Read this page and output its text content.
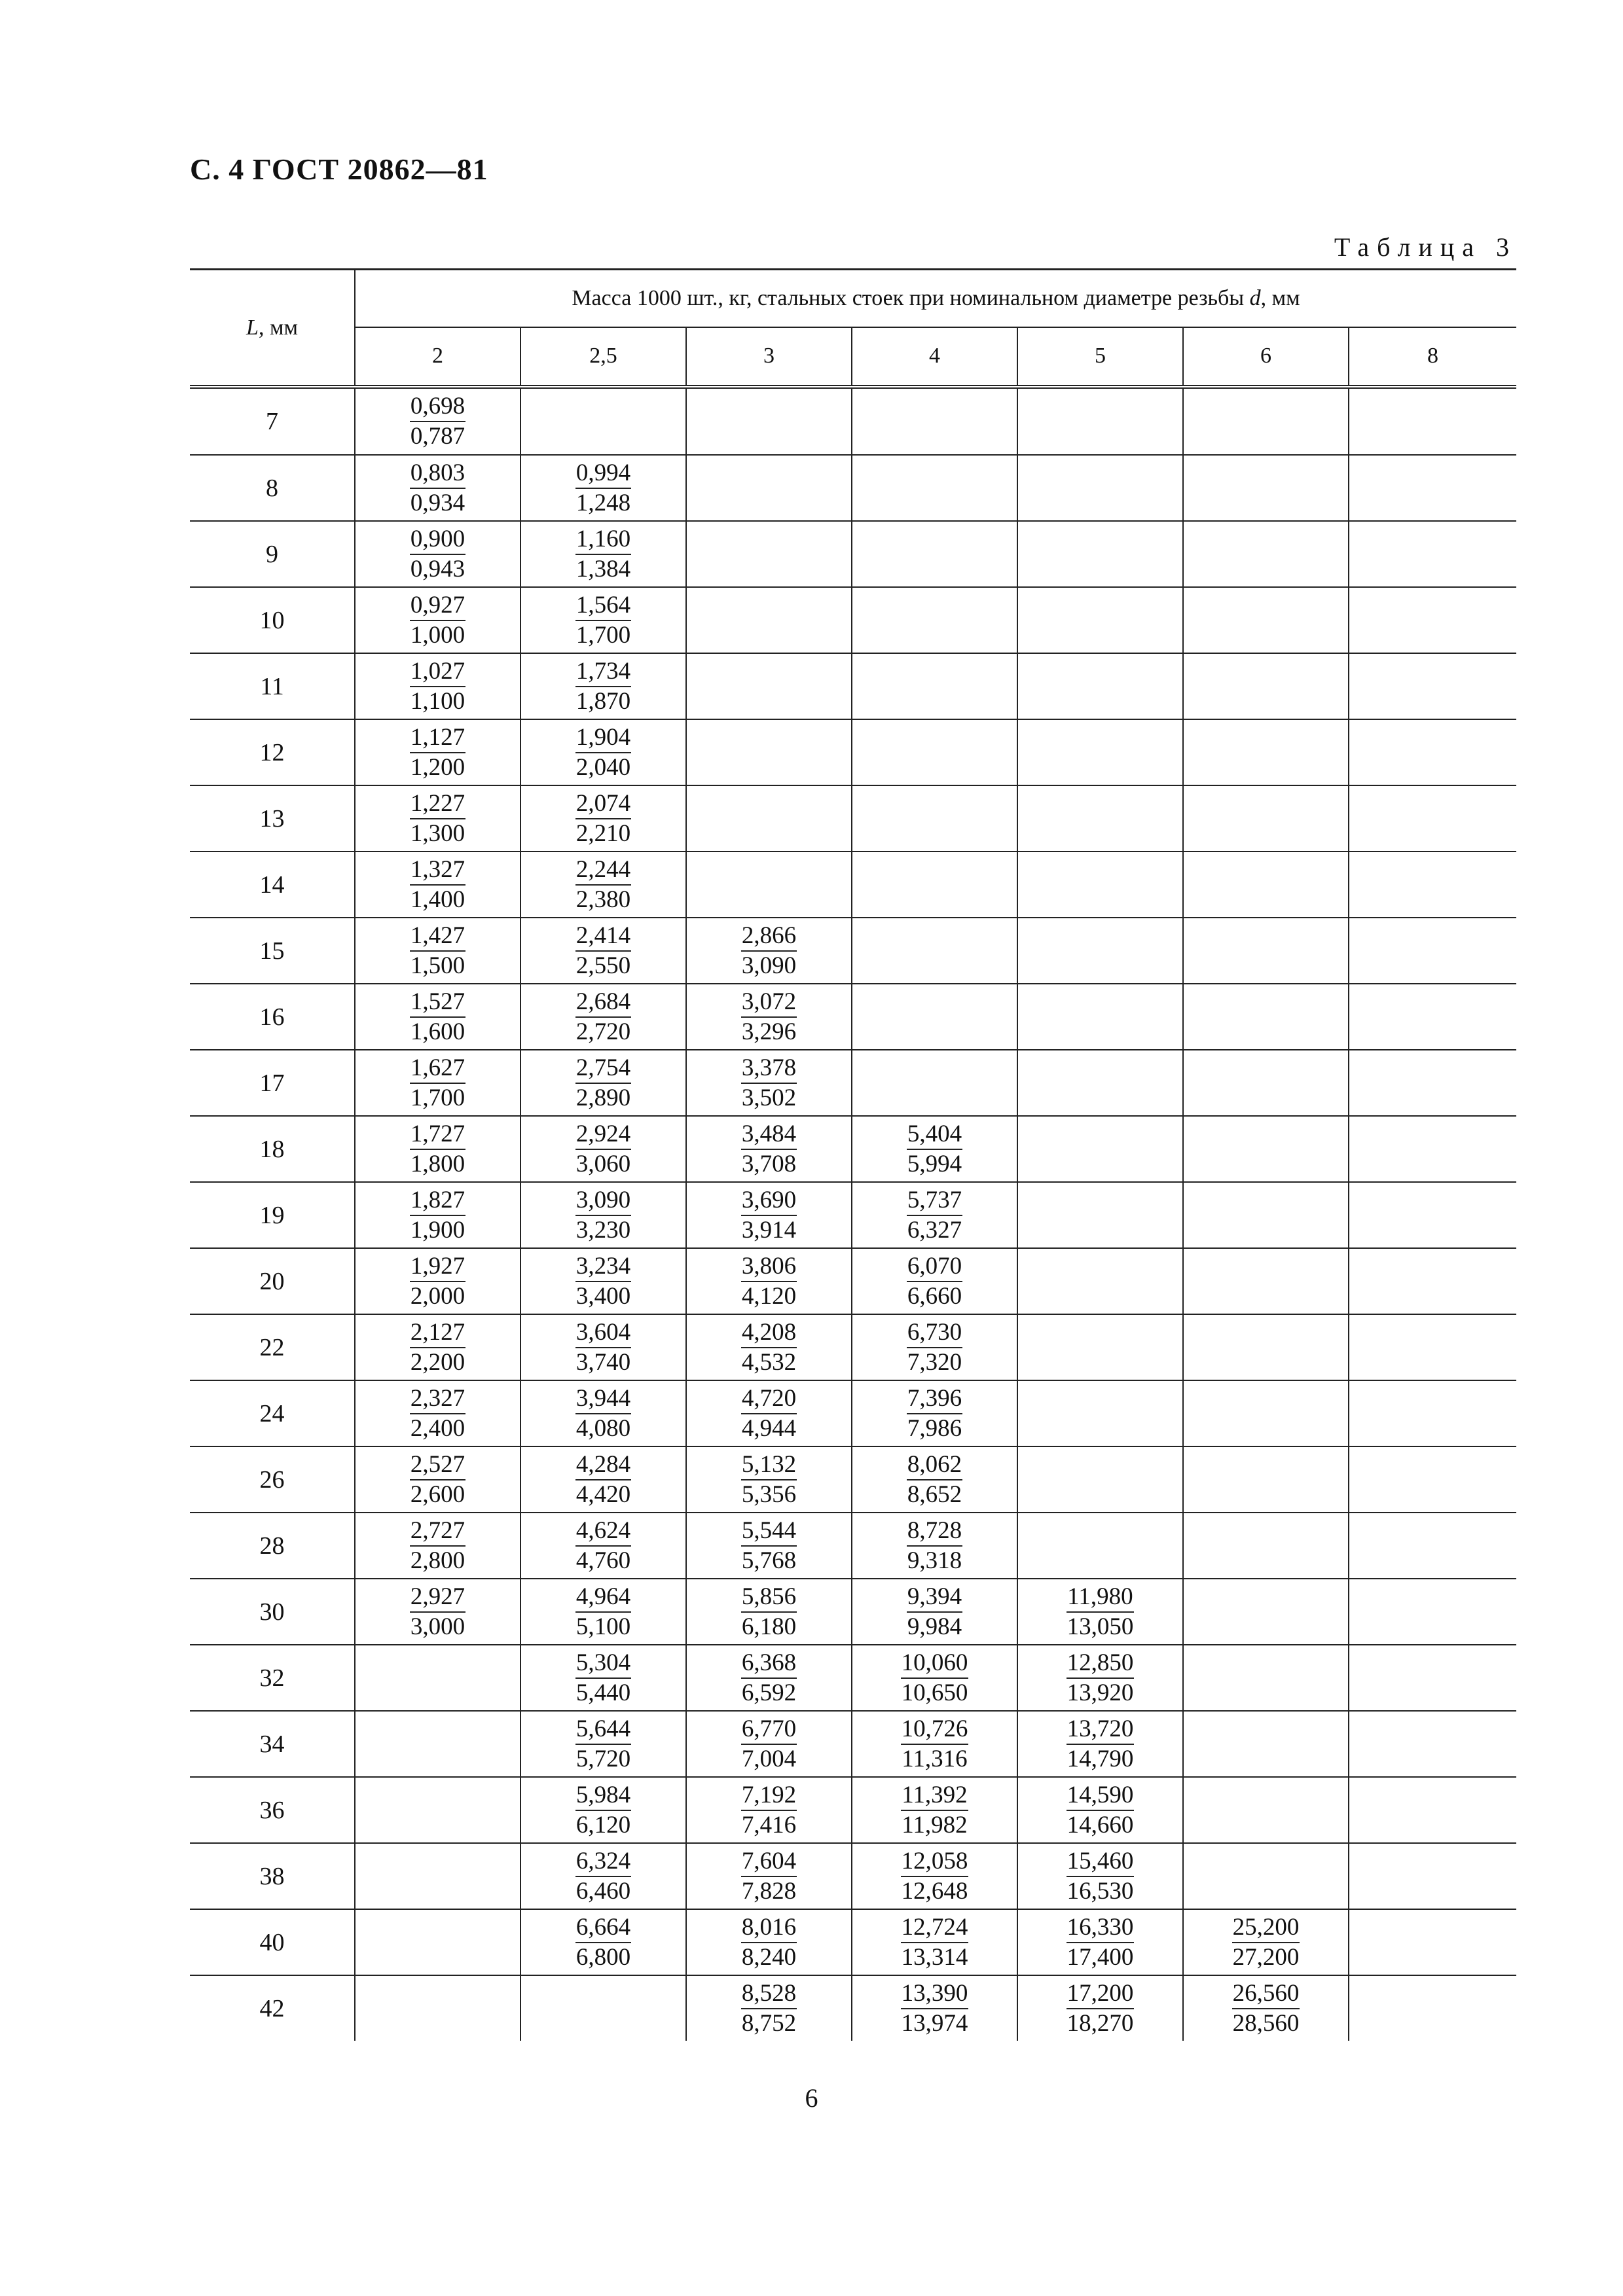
С. 4 ГОСТ 20862—81
Таблица 3
L, мм	Масса 1000 шт., кг, стальных стоек при номинальном диаметре резьбы d, мм						
	2	2,5	3	4	5	6	8
7	$\frac{0,698}{0,787}$

8	$\frac{0,803}{0,934}$	$\frac{0,994}{1,248}$

9	$\frac{0,900}{0,943}$	$\frac{1,160}{1,384}$

10	$\frac{0,927}{1,000}$	$\frac{1,564}{1,700}$

11	$\frac{1,027}{1,100}$	$\frac{1,734}{1,870}$

12	$\frac{1,127}{1,200}$	$\frac{1,904}{2,040}$

13	$\frac{1,227}{1,300}$	$\frac{2,074}{2,210}$

14	$\frac{1,327}{1,400}$	$\frac{2,244}{2,380}$

15	$\frac{1,427}{1,500}$	$\frac{2,414}{2,550}$	$\frac{2,866}{3,090}$

16	$\frac{1,527}{1,600}$	$\frac{2,684}{2,720}$	$\frac{3,072}{3,296}$

17	$\frac{1,627}{1,700}$	$\frac{2,754}{2,890}$	$\frac{3,378}{3,502}$

18	$\frac{1,727}{1,800}$	$\frac{2,924}{3,060}$	$\frac{3,484}{3,708}$	$\frac{5,404}{5,994}$

19	$\frac{1,827}{1,900}$	$\frac{3,090}{3,230}$	$\frac{3,690}{3,914}$	$\frac{5,737}{6,327}$

20	$\frac{1,927}{2,000}$	$\frac{3,234}{3,400}$	$\frac{3,806}{4,120}$	$\frac{6,070}{6,660}$

22	$\frac{2,127}{2,200}$	$\frac{3,604}{3,740}$	$\frac{4,208}{4,532}$	$\frac{6,730}{7,320}$

24	$\frac{2,327}{2,400}$	$\frac{3,944}{4,080}$	$\frac{4,720}{4,944}$	$\frac{7,396}{7,986}$

26	$\frac{2,527}{2,600}$	$\frac{4,284}{4,420}$	$\frac{5,132}{5,356}$	$\frac{8,062}{8,652}$

28	$\frac{2,727}{2,800}$	$\frac{4,624}{4,760}$	$\frac{5,544}{5,768}$	$\frac{8,728}{9,318}$

30	$\frac{2,927}{3,000}$	$\frac{4,964}{5,100}$	$\frac{5,856}{6,180}$	$\frac{9,394}{9,984}$	$\frac{11,980}{13,050}$

32		$\frac{5,304}{5,440}$	$\frac{6,368}{6,592}$	$\frac{10,060}{10,650}$	$\frac{12,850}{13,920}$

34		$\frac{5,644}{5,720}$	$\frac{6,770}{7,004}$	$\frac{10,726}{11,316}$	$\frac{13,720}{14,790}$

36		$\frac{5,984}{6,120}$	$\frac{7,192}{7,416}$	$\frac{11,392}{11,982}$	$\frac{14,590}{14,660}$

38		$\frac{6,324}{6,460}$	$\frac{7,604}{7,828}$	$\frac{12,058}{12,648}$	$\frac{15,460}{16,530}$

40		$\frac{6,664}{6,800}$	$\frac{8,016}{8,240}$	$\frac{12,724}{13,314}$	$\frac{16,330}{17,400}$	$\frac{25,200}{27,200}$

42			$\frac{8,528}{8,752}$	$\frac{13,390}{13,974}$	$\frac{17,200}{18,270}$	$\frac{26,560}{28,560}$

6
